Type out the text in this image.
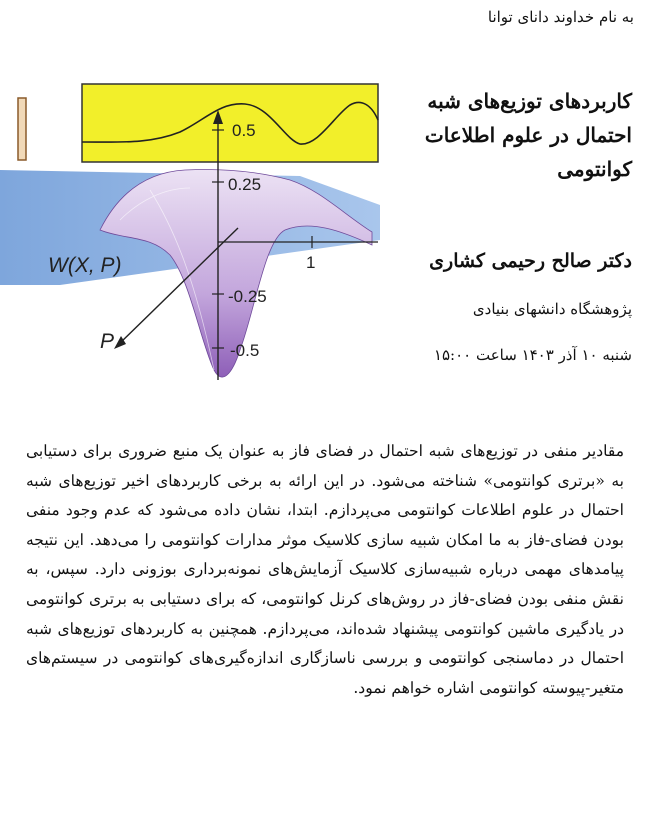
به نام خداوند دانای توانا
0.5
0.25
1
-0.25
-0.5
W(X, P)
P
کاربردهای توزیع‌های شبه احتمال در علوم اطلاعات کوانتومی
دکتر صالح رحیمی کشاری
پژوهشگاه دانشهای بنیادی
شنبه ۱۰ آذر ۱۴۰۳ ساعت ۱۵:۰۰

مقادیر منفی در توزیع‌های شبه احتمال در فضای فاز به عنوان یک منبع ضروری برای دستیابی به «برتری کوانتومی» شناخته می‌شود. در این ارائه به برخی کاربردهای اخیر توزیع‌های شبه احتمال در علوم اطلاعات کوانتومی می‌پردازم. ابتدا، نشان داده می‌شود که عدم وجود منفی بودن فضای-فاز به ما امکان شبیه سازی کلاسیک موثر مدارات کوانتومی را می‌دهد. این نتیجه پیامدهای مهمی درباره شبیه‌سازی کلاسیک آزمایش‌های نمونه‌برداری بوزونی دارد. سپس، به نقش منفی بودن فضای-فاز در روش‌های کرنل کوانتومی، که برای دستیابی به برتری کوانتومی در یادگیری ماشین کوانتومی پیشنهاد شده‌اند، می‌پردازم. همچنین به کاربردهای توزیع‌های شبه احتمال در دماسنجی کوانتومی و بررسی ناسازگاری اندازه‌گیری‌های کوانتومی در سیستم‌های متغیر-پیوسته کوانتومی اشاره خواهم نمود.
